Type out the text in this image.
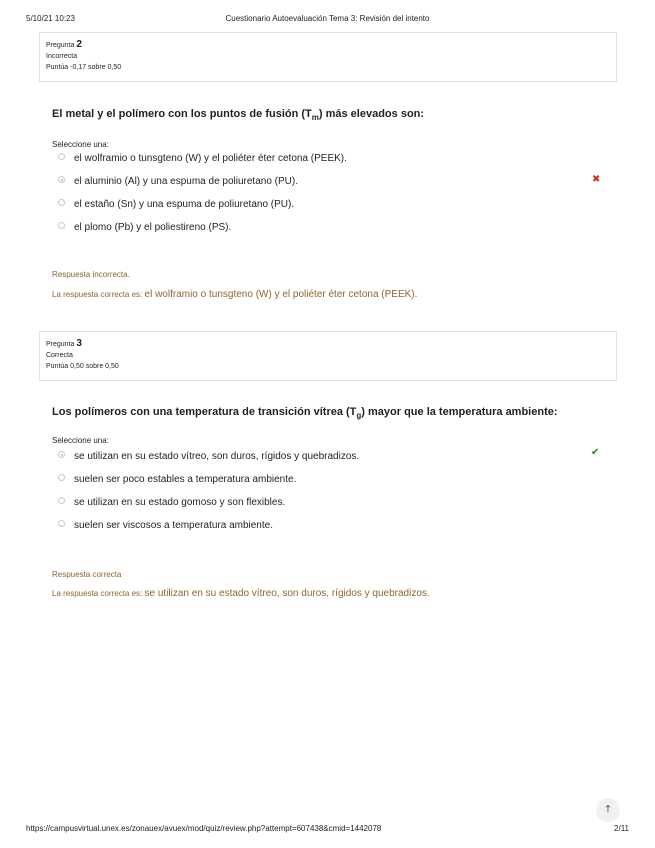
5/10/21 10:23	Cuestionario Autoevaluación Tema 3: Revisión del intento
Pregunta 2
Incorrecta
Puntúa -0,17 sobre 0,50
El metal y el polímero con los puntos de fusión $(T_m)$ más elevados son:
Seleccione una:
el wolframio o tunsgteno (W) y el poliéter éter cetona (PEEK).
el aluminio (Al) y una espuma de poliuretano (PU).
el estaño (Sn) y una espuma de poliuretano (PU).
el plomo (Pb) y el poliestireno (PS).
✖
Respuesta incorrecta.
La respuesta correcta es: el wolframio o tunsgteno (W) y el poliéter éter cetona (PEEK).
Pregunta 3
Correcta
Puntúa 0,50 sobre 0,50
Los polímeros con una temperatura de transición vítrea $(T_g)$ mayor que la temperatura ambiente:
Seleccione una:
se utilizan en su estado vítreo, son duros, rígidos y quebradizos.
suelen ser poco estables a temperatura ambiente.
se utilizan en su estado gomoso y son flexibles.
suelen ser viscosos a temperatura ambiente.
✔
Respuesta correcta
La respuesta correcta es: se utilizan en su estado vítreo, son duros, rígidos y quebradizos.
🡑
https://campusvirtual.unex.es/zonauex/avuex/mod/quiz/review.php?attempt=607438&cmid=1442078	2/11
